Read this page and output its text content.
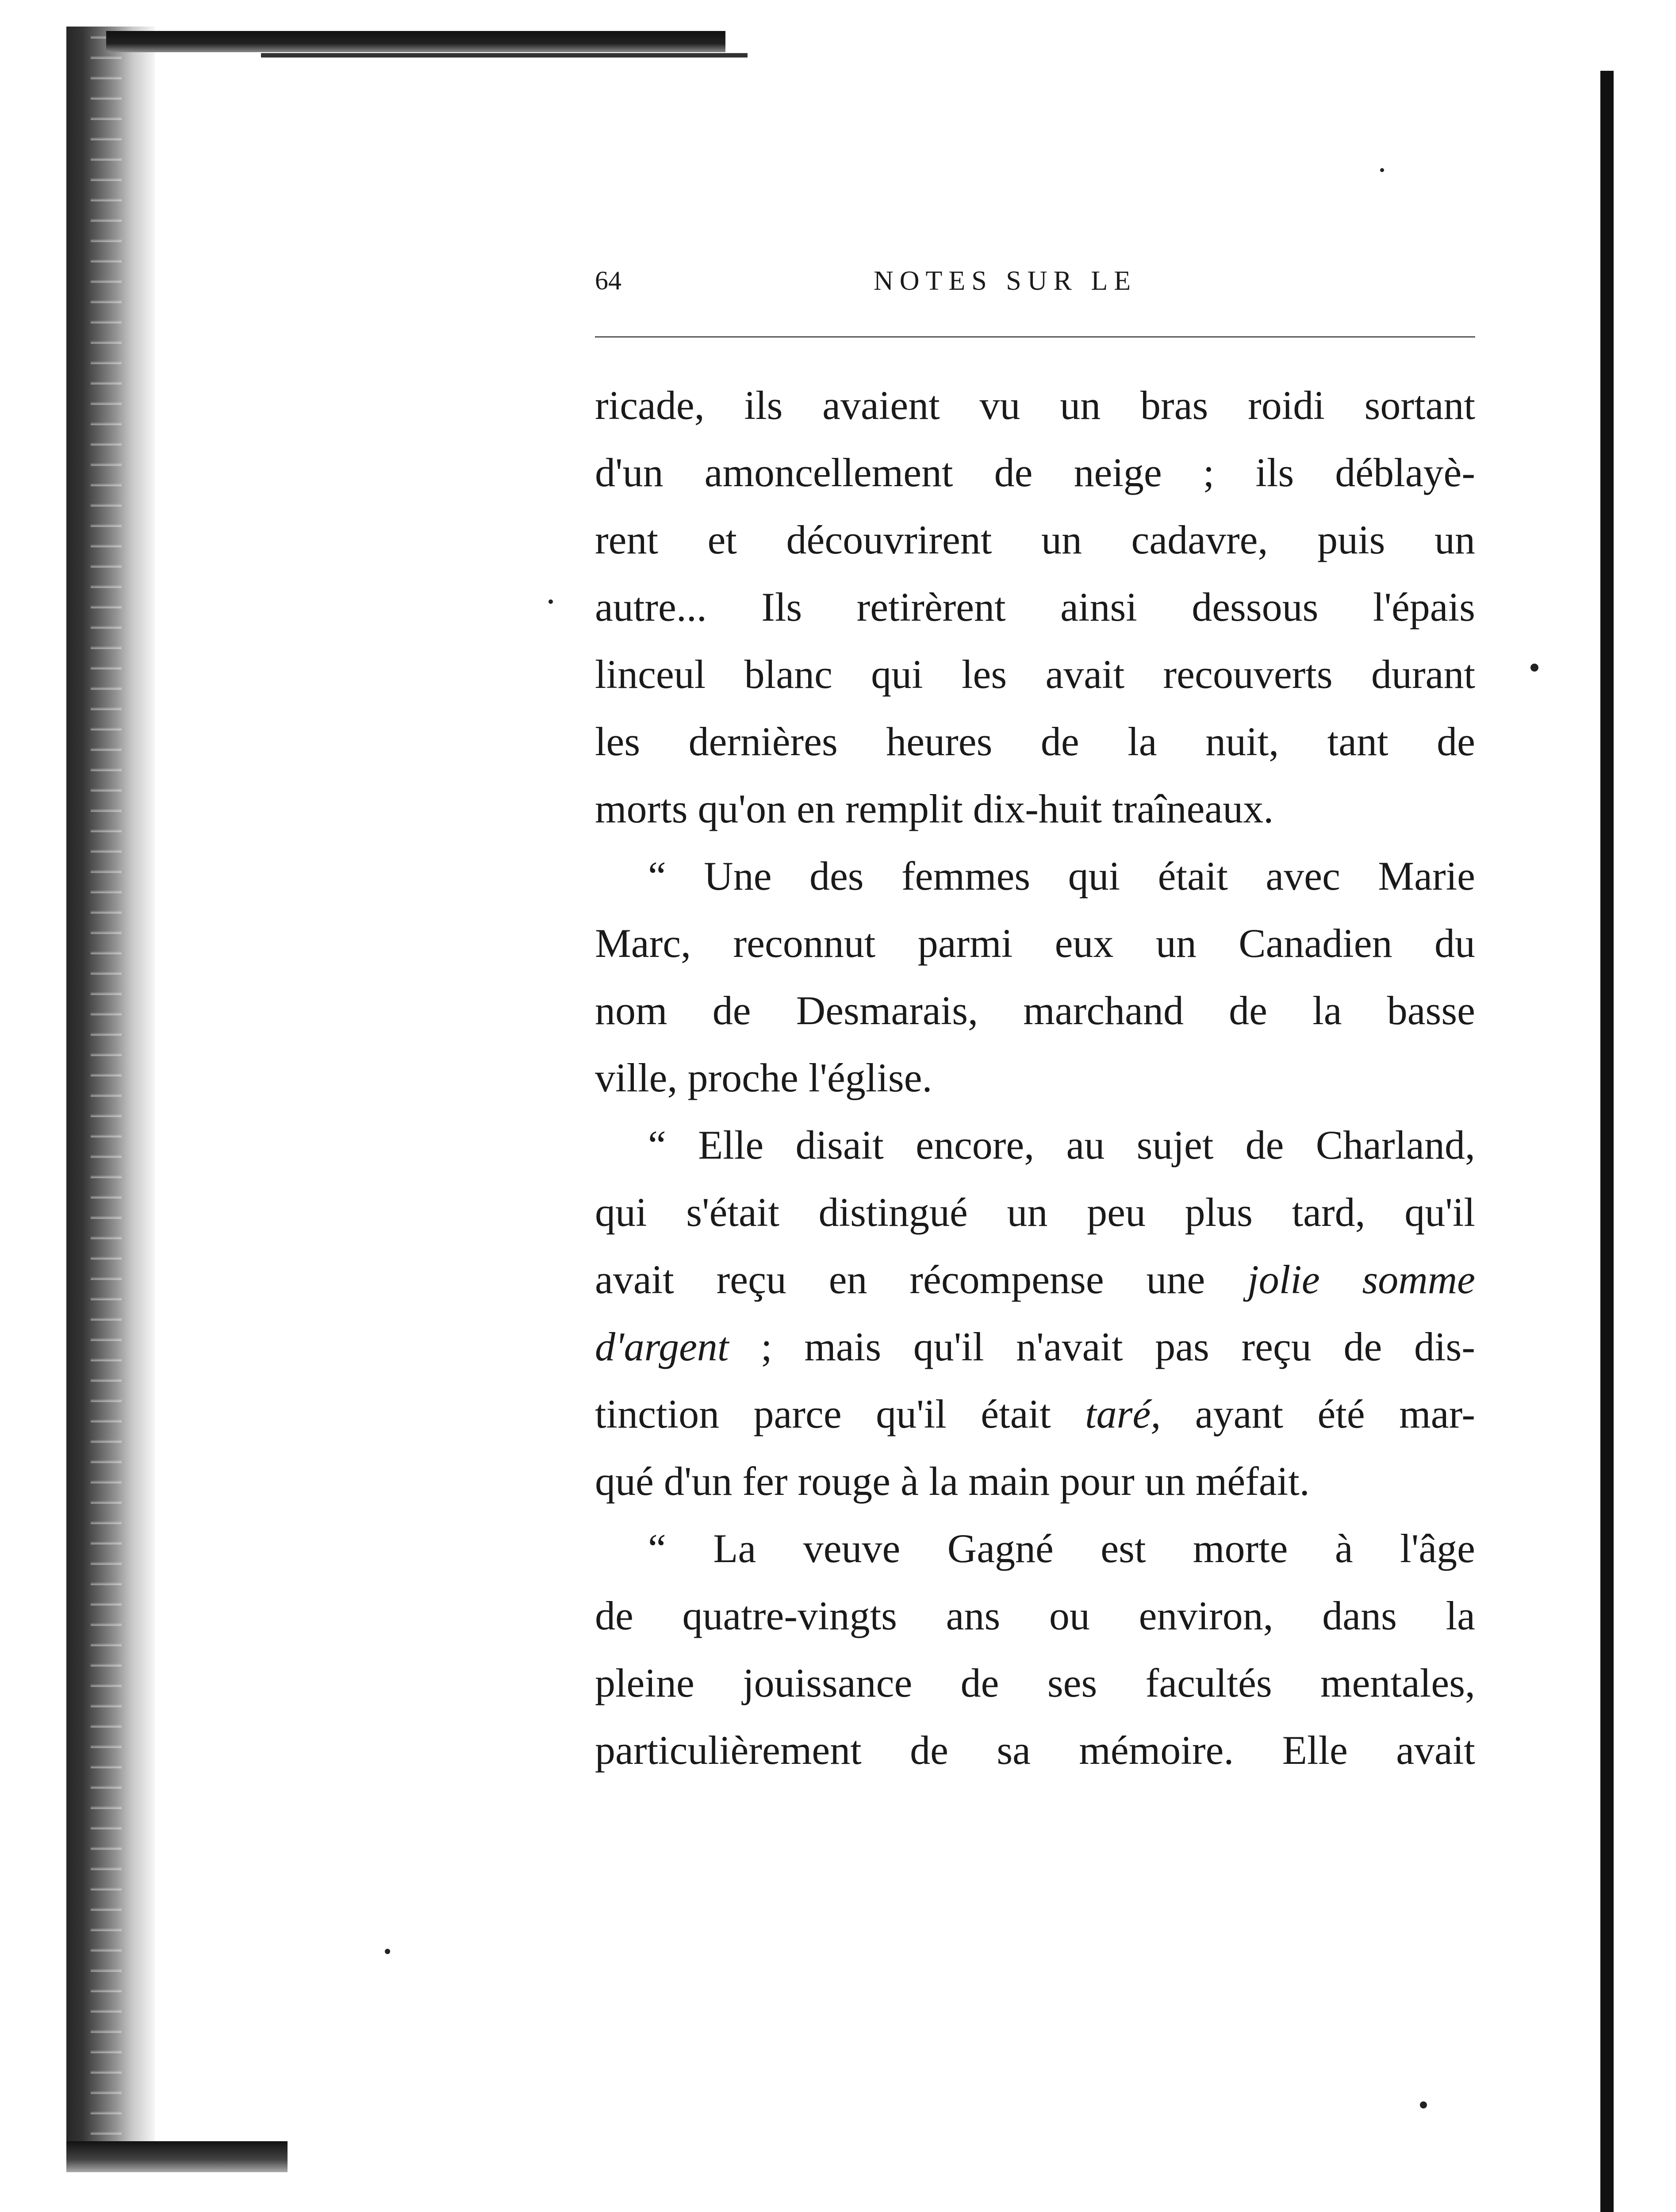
64	NOTES SUR LE
ricade, ils avaient vu un bras roidi sortant
d'un amoncellement de neige ; ils déblayè-
rent et découvrirent un cadavre, puis un
autre... Ils retirèrent ainsi dessous l'épais
linceul blanc qui les avait recouverts durant
les dernières heures de la nuit, tant de
morts qu'on en remplit dix-huit traîneaux.
“ Une des femmes qui était avec Marie
Marc, reconnut parmi eux un Canadien du
nom de Desmarais, marchand de la basse
ville, proche l'église.
“ Elle disait encore, au sujet de Charland,
qui s'était distingué un peu plus tard, qu'il
avait reçu en récompense une jolie somme
d'argent ; mais qu'il n'avait pas reçu de dis-
tinction parce qu'il était taré, ayant été mar-
qué d'un fer rouge à la main pour un méfait.
“ La veuve Gagné est morte à l'âge
de quatre-vingts ans ou environ, dans la
pleine jouissance de ses facultés mentales,
particulièrement de sa mémoire. Elle avait
